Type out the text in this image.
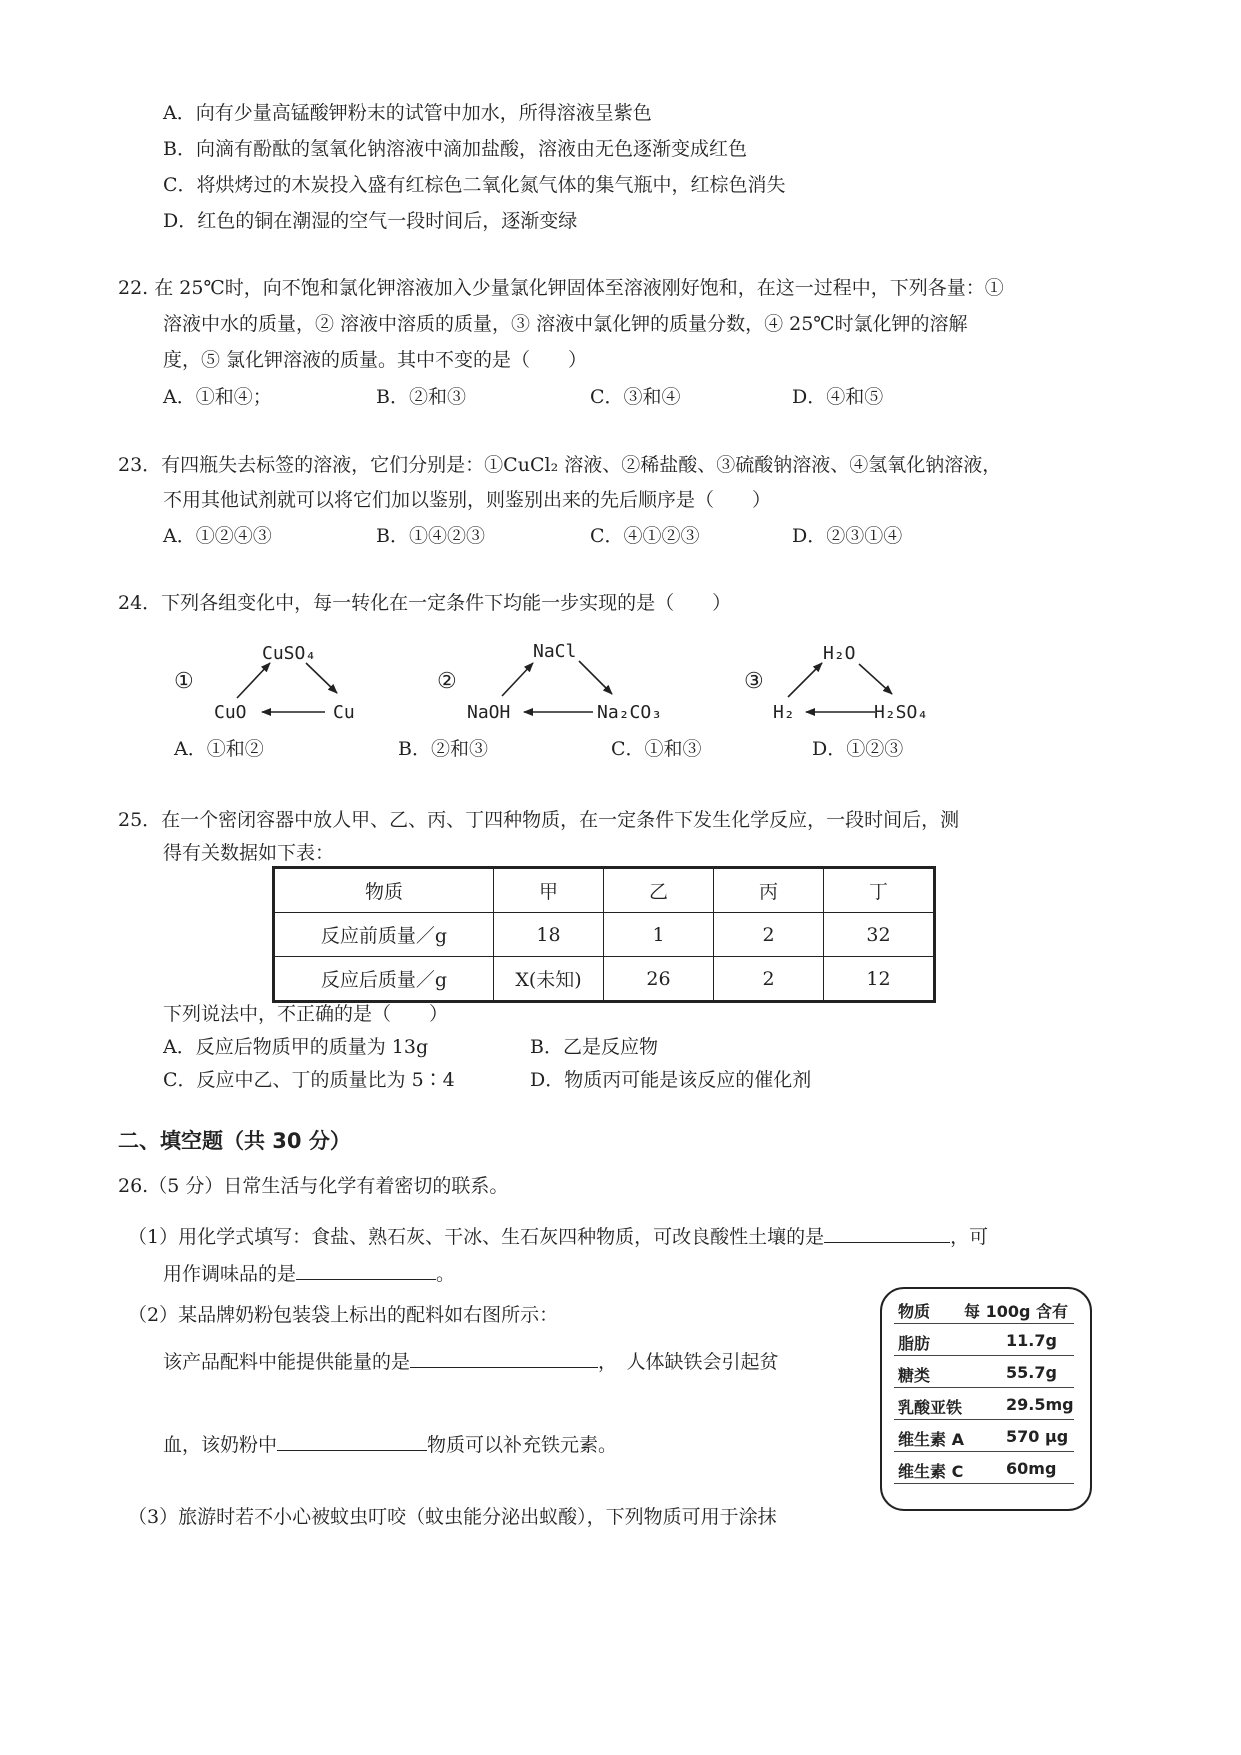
A．向有少量高锰酸钾粉末的试管中加水，所得溶液呈紫色
B．向滴有酚酞的氢氧化钠溶液中滴加盐酸，溶液由无色逐渐变成红色
C．将烘烤过的木炭投入盛有红棕色二氧化氮气体的集气瓶中，红棕色消失
D．红色的铜在潮湿的空气一段时间后，逐渐变绿
22. 在 25℃时，向不饱和氯化钾溶液加入少量氯化钾固体至溶液刚好饱和，在这一过程中，下列各量：①
溶液中水的质量，② 溶液中溶质的质量，③ 溶液中氯化钾的质量分数，④ 25℃时氯化钾的溶解
度，⑤ 氯化钾溶液的质量。其中不变的是（　　）
A．①和④；	B．②和③	C．③和④	D．④和⑤
23．有四瓶失去标签的溶液，它们分别是：①CuCl₂ 溶液、②稀盐酸、③硫酸钠溶液、④氢氧化钠溶液，
不用其他试剂就可以将它们加以鉴别，则鉴别出来的先后顺序是（　　）
A．①②④③	B．①④②③	C．④①②③	D．②③①④
24．下列各组变化中，每一转化在一定条件下均能一步实现的是（　　）
①
CuSO₄
CuO	Cu
②
NaCl
NaOH	Na₂CO₃
③
H₂O
H₂	H₂SO₄
A．①和②	B．②和③	C．①和③	D．①②③
25．在一个密闭容器中放人甲、乙、丙、丁四种物质，在一定条件下发生化学反应，一段时间后，测
得有关数据如下表：
物质	甲	乙	丙	丁
反应前质量／g	18	1	2	32
反应后质量／g	X(未知)	26	2	12
下列说法中，不正确的是（　　）
A．反应后物质甲的质量为 13g	B．乙是反应物
C．反应中乙、丁的质量比为 5∶4	D．物质丙可能是该反应的催化剂
二、填空题（共 30 分）
26.（5 分）日常生活与化学有着密切的联系。
（1）用化学式填写：食盐、熟石灰、干冰、生石灰四种物质，可改良酸性土壤的是	，可
用作调味品的是	。
（2）某品牌奶粉包装袋上标出的配料如右图所示：
该产品配料中能提供能量的是	，　人体缺铁会引起贫
血，该奶粉中	物质可以补充铁元素。
（3）旅游时若不小心被蚊虫叮咬（蚊虫能分泌出蚁酸），下列物质可用于涂抹
物质 每 100g 含有
脂肪	11.7g
糖类	55.7g
乳酸亚铁	29.5mg
维生素 A	570 μg
维生素 C	60mg
